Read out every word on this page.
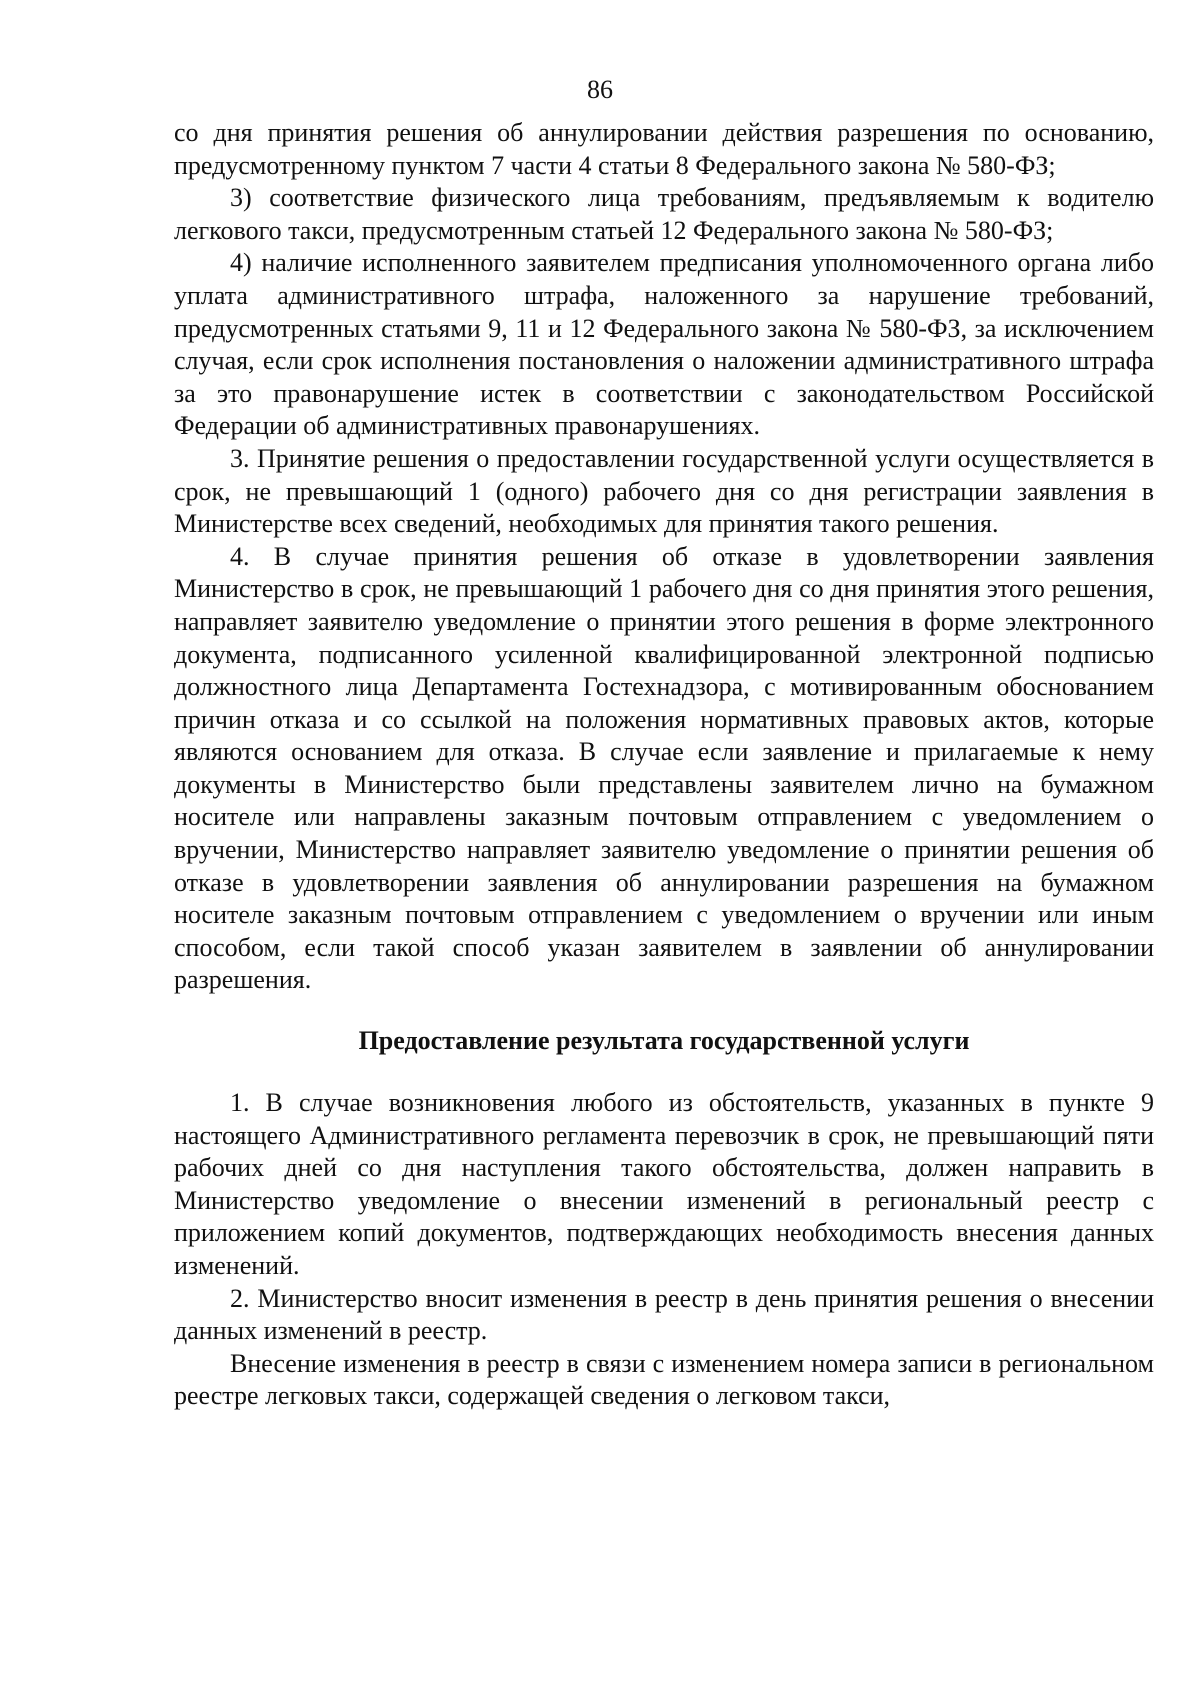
86

со дня принятия решения об аннулировании действия разрешения по основанию, предусмотренному пунктом 7 части 4 статьи 8 Федерального закона № 580-ФЗ;

3) соответствие физического лица требованиям, предъявляемым к водителю легкового такси, предусмотренным статьей 12 Федерального закона № 580-ФЗ;

4) наличие исполненного заявителем предписания уполномоченного органа либо уплата административного штрафа, наложенного за нарушение требований, предусмотренных статьями 9, 11 и 12 Федерального закона № 580-ФЗ, за исключением случая, если срок исполнения постановления о наложении административного штрафа за это правонарушение истек в соответствии с законодательством Российской Федерации об административных правонарушениях.

3. Принятие решения о предоставлении государственной услуги осуществляется в срок, не превышающий 1 (одного) рабочего дня со дня регистрации заявления в Министерстве всех сведений, необходимых для принятия такого решения.

4. В случае принятия решения об отказе в удовлетворении заявления Министерство в срок, не превышающий 1 рабочего дня со дня принятия этого решения, направляет заявителю уведомление о принятии этого решения в форме электронного документа, подписанного усиленной квалифицированной электронной подписью должностного лица Департамента Гостехнадзора, с мотивированным обоснованием причин отказа и со ссылкой на положения нормативных правовых актов, которые являются основанием для отказа. В случае если заявление и прилагаемые к нему документы в Министерство были представлены заявителем лично на бумажном носителе или направлены заказным почтовым отправлением с уведомлением о вручении, Министерство направляет заявителю уведомление о принятии решения об отказе в удовлетворении заявления об аннулировании разрешения на бумажном носителе заказным почтовым отправлением с уведомлением о вручении или иным способом, если такой способ указан заявителем в заявлении об аннулировании разрешения.

Предоставление результата государственной услуги

1. В случае возникновения любого из обстоятельств, указанных в пункте 9 настоящего Административного регламента перевозчик в срок, не превышающий пяти рабочих дней со дня наступления такого обстоятельства, должен направить в Министерство уведомление о внесении изменений в региональный реестр с приложением копий документов, подтверждающих необходимость внесения данных изменений.

2. Министерство вносит изменения в реестр в день принятия решения о внесении данных изменений в реестр.

Внесение изменения в реестр в связи с изменением номера записи в региональном реестре легковых такси, содержащей сведения о легковом такси,
